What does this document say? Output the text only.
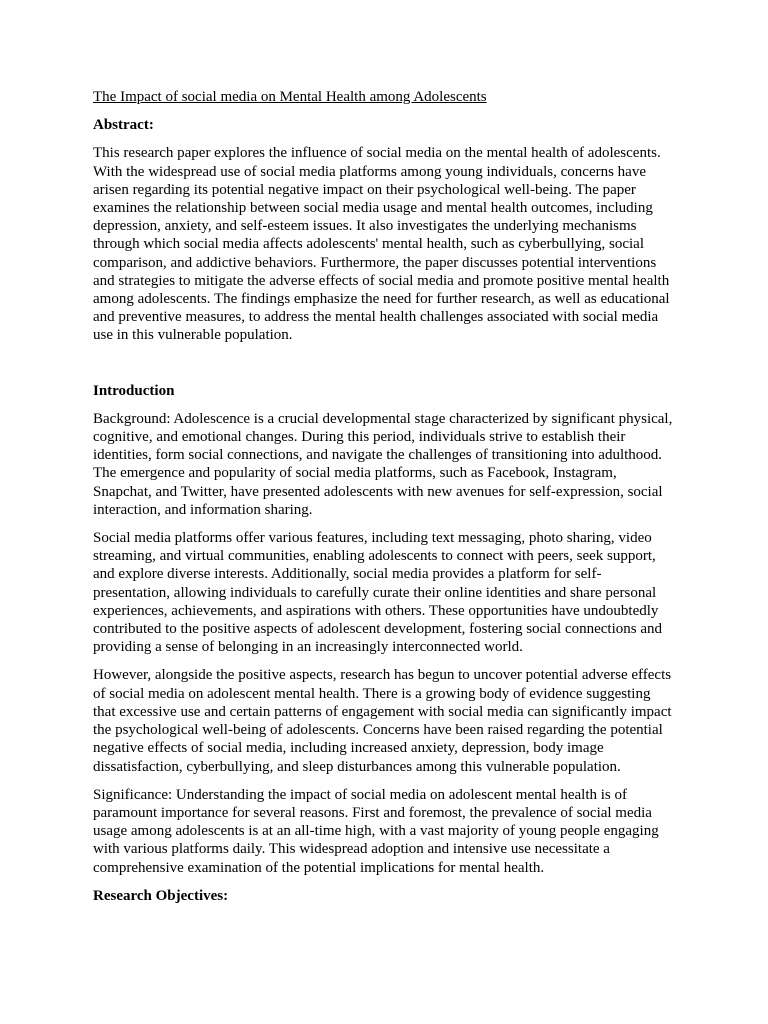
The Impact of social media on Mental Health among Adolescents

Abstract:

This research paper explores the influence of social media on the mental health of adolescents. With the widespread use of social media platforms among young individuals, concerns have arisen regarding its potential negative impact on their psychological well-being. The paper examines the relationship between social media usage and mental health outcomes, including depression, anxiety, and self-esteem issues. It also investigates the underlying mechanisms through which social media affects adolescents' mental health, such as cyberbullying, social comparison, and addictive behaviors. Furthermore, the paper discusses potential interventions and strategies to mitigate the adverse effects of social media and promote positive mental health among adolescents. The findings emphasize the need for further research, as well as educational and preventive measures, to address the mental health challenges associated with social media use in this vulnerable population.

Introduction

Background: Adolescence is a crucial developmental stage characterized by significant physical, cognitive, and emotional changes. During this period, individuals strive to establish their identities, form social connections, and navigate the challenges of transitioning into adulthood. The emergence and popularity of social media platforms, such as Facebook, Instagram, Snapchat, and Twitter, have presented adolescents with new avenues for self-expression, social interaction, and information sharing.

Social media platforms offer various features, including text messaging, photo sharing, video streaming, and virtual communities, enabling adolescents to connect with peers, seek support, and explore diverse interests. Additionally, social media provides a platform for self-presentation, allowing individuals to carefully curate their online identities and share personal experiences, achievements, and aspirations with others. These opportunities have undoubtedly contributed to the positive aspects of adolescent development, fostering social connections and providing a sense of belonging in an increasingly interconnected world.

However, alongside the positive aspects, research has begun to uncover potential adverse effects of social media on adolescent mental health. There is a growing body of evidence suggesting that excessive use and certain patterns of engagement with social media can significantly impact the psychological well-being of adolescents. Concerns have been raised regarding the potential negative effects of social media, including increased anxiety, depression, body image dissatisfaction, cyberbullying, and sleep disturbances among this vulnerable population.

Significance: Understanding the impact of social media on adolescent mental health is of paramount importance for several reasons. First and foremost, the prevalence of social media usage among adolescents is at an all-time high, with a vast majority of young people engaging with various platforms daily. This widespread adoption and intensive use necessitate a comprehensive examination of the potential implications for mental health.

Research Objectives:
